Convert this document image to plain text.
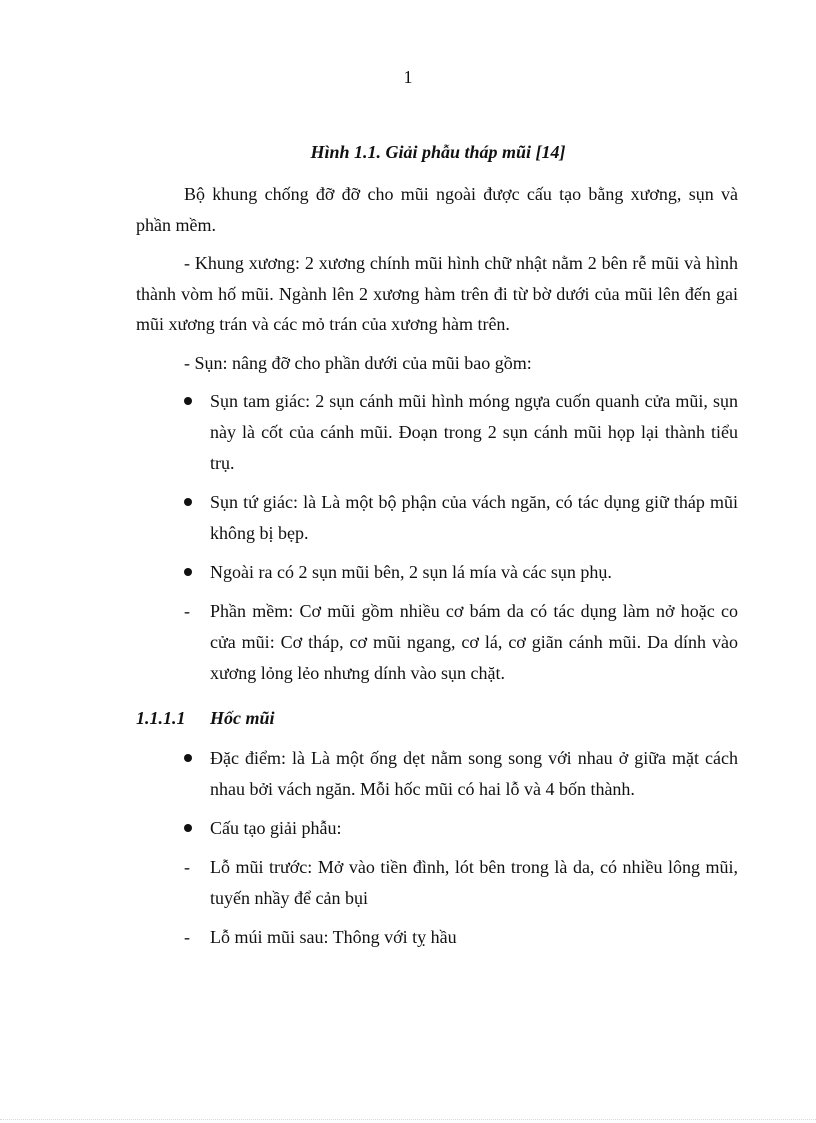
1
Hình 1.1. Giải phẫu tháp mũi [14]

Bộ khung chống đỡ đỡ cho mũi ngoài được cấu tạo bằng xương, sụn và phần mềm.

- Khung xương: 2 xương chính mũi hình chữ nhật nằm 2 bên rễ mũi và hình thành vòm hố mũi. Ngành lên 2 xương hàm trên đi từ bờ dưới của mũi lên đến gai mũi xương trán và các mỏ trán của xương hàm trên.

- Sụn: nâng đỡ cho phần dưới của mũi bao gồm:

Sụn tam giác: 2 sụn cánh mũi hình móng ngựa cuốn quanh cửa mũi, sụn này là cốt của cánh mũi. Đoạn trong 2 sụn cánh mũi họp lại thành tiểu trụ.
Sụn tứ giác: là Là một bộ phận của vách ngăn, có tác dụng giữ tháp mũi không bị bẹp.
Ngoài ra có 2 sụn mũi bên, 2 sụn lá mía và các sụn phụ.
-	Phần mềm: Cơ mũi gồm nhiều cơ bám da có tác dụng làm nở hoặc co cửa mũi: Cơ tháp, cơ mũi ngang, cơ lá, cơ giãn cánh mũi. Da dính vào xương lỏng lẻo nhưng dính vào sụn chặt.
1.1.1.1 Hốc mũi
Đặc điểm: là Là một ống dẹt nằm song song với nhau ở giữa mặt cách nhau bởi vách ngăn. Mỗi hốc mũi có hai lỗ và 4 bốn thành.
Cấu tạo giải phẫu:
-	Lỗ mũi trước: Mở vào tiền đình, lót bên trong là da, có nhiều lông mũi, tuyến nhầy để cản bụi
-	Lỗ múi mũi sau: Thông với tỵ hầu
